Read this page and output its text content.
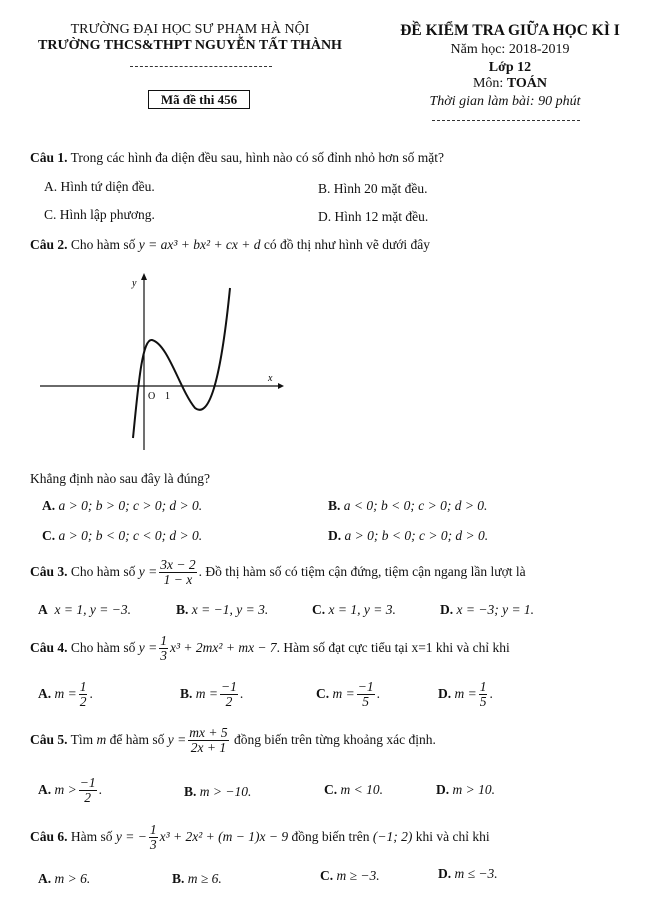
TRƯỜNG ĐẠI HỌC SƯ PHẠM HÀ NỘI
TRƯỜNG THCS&THPT NGUYỄN TẤT THÀNH
Mã đề thi 456
ĐỀ KIỂM TRA GIỮA HỌC KÌ I
Năm học: 2018-2019
Lớp 12
Môn: TOÁN
Thời gian làm bài: 90 phút
Câu 1. Trong các hình đa diện đều sau, hình nào có số đỉnh nhỏ hơn số mặt?
A. Hình tứ diện đều.	B. Hình 20 mặt đều.
C. Hình lập phương.	D. Hình 12 mặt đều.
Câu 2. Cho hàm số y = ax³ + bx² + cx + d có đồ thị như hình vẽ dưới đây
y
x
O 1
Khẳng định nào sau đây là đúng?
A. a > 0; b > 0; c > 0; d > 0.	B. a < 0; b < 0; c > 0; d > 0.
C. a > 0; b < 0; c < 0; d > 0.	D. a > 0; b < 0; c > 0; d > 0.
Câu 3. Cho hàm số $y = \frac{3x - 2}{1 - x}$ . Đồ thị hàm số có tiệm cận đứng, tiệm cận ngang lần lượt là
A x = 1, y = −3.	B. x = −1, y = 3.	C. x = 1, y = 3.	D. x = −3; y = 1.
Câu 4. Cho hàm số $y = \frac{1}{3} x^3 + 2mx^2$ + mx − 7. Hàm số đạt cực tiểu tại x=1 khi và chỉ khi
A. $m = \frac{1}{2}$ .	B. $m = \frac{-1}{2}$ .	C. $m = \frac{-1}{5}$ .	D. $m = \frac{1}{5}$ .
Câu 5. Tìm m để hàm số $y = \frac{mx + 5}{2x + 1}$ đồng biến trên từng khoảng xác định.
A. $m > \frac{-1}{2}$ .	B. m > −10.	C. m < 10.	D. m > 10.
Câu 6. Hàm số y = − $\frac{1}{3} x^3 + 2x^2 + (m - 1)x - 9$ đồng biến trên (−1; 2) khi và chỉ khi
A. m > 6.	B. m ≥ 6.	C. m ≥ −3.	D. m ≤ −3.
